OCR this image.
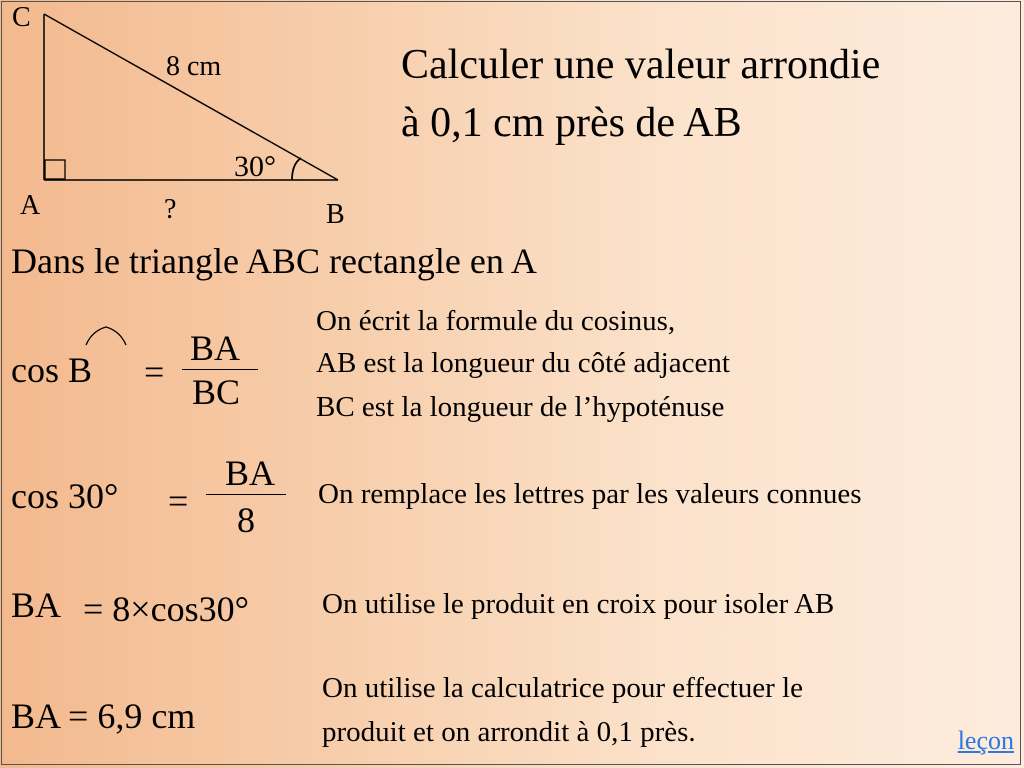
C
A	B
8 cm
30°
?
Calculer une valeur arrondie
à 0,1 cm près de AB
Dans le triangle ABC rectangle en A
cos B =
BA
BC
On écrit la formule du cosinus,
AB est la longueur du côté adjacent
BC est la longueur de l’hypoténuse
cos 30° =
BA
8
On remplace les lettres par les valeurs connues
BA = 8×cos30°	On utilise le produit en croix pour isoler AB
BA = 6,9 cm
On utilise la calculatrice pour effectuer le
produit et on arrondit à 0,1 près.	leçon
